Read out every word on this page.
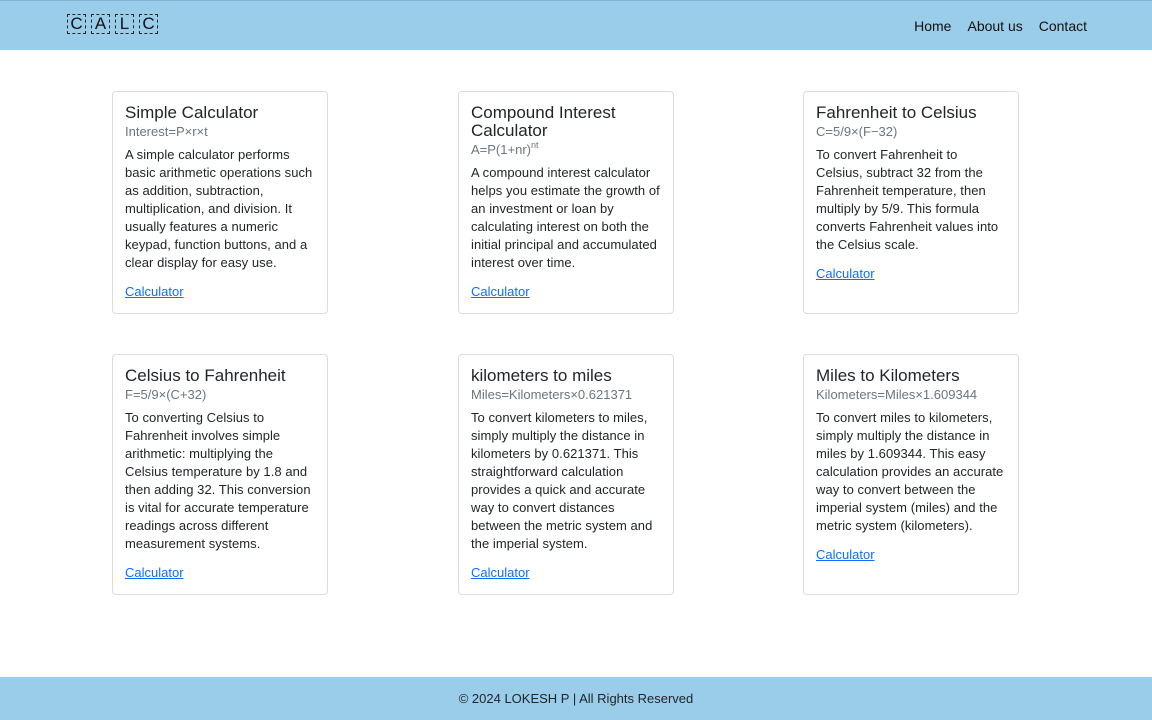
C A L C	Home About us Contact
Simple Calculator
Interest=P×r×t

A simple calculator performs basic arithmetic operations such as addition, subtraction, multiplication, and division. It usually features a numeric keypad, function buttons, and a clear display for easy use.

Calculator
Compound Interest Calculator
$A=P(1+nr)^{nt}$

A compound interest calculator helps you estimate the growth of an investment or loan by calculating interest on both the initial principal and accumulated interest over time.

Calculator
Fahrenheit to Celsius
C=5/9×(F−32)

To convert Fahrenheit to Celsius, subtract 32 from the Fahrenheit temperature, then multiply by 5/9. This formula converts Fahrenheit values into the Celsius scale.

Calculator
Celsius to Fahrenheit
F=5/9×(C+32)

To converting Celsius to Fahrenheit involves simple arithmetic: multiplying the Celsius temperature by 1.8 and then adding 32. This conversion is vital for accurate temperature readings across different measurement systems.

Calculator
kilometers to miles
Miles=Kilometers×0.621371

To convert kilometers to miles, simply multiply the distance in kilometers by 0.621371. This straightforward calculation provides a quick and accurate way to convert distances between the metric system and the imperial system.

Calculator
Miles to Kilometers
Kilometers=Miles×1.609344

To convert miles to kilometers, simply multiply the distance in miles by 1.609344. This easy calculation provides an accurate way to convert between the imperial system (miles) and the metric system (kilometers).

Calculator
© 2024 LOKESH P | All Rights Reserved
